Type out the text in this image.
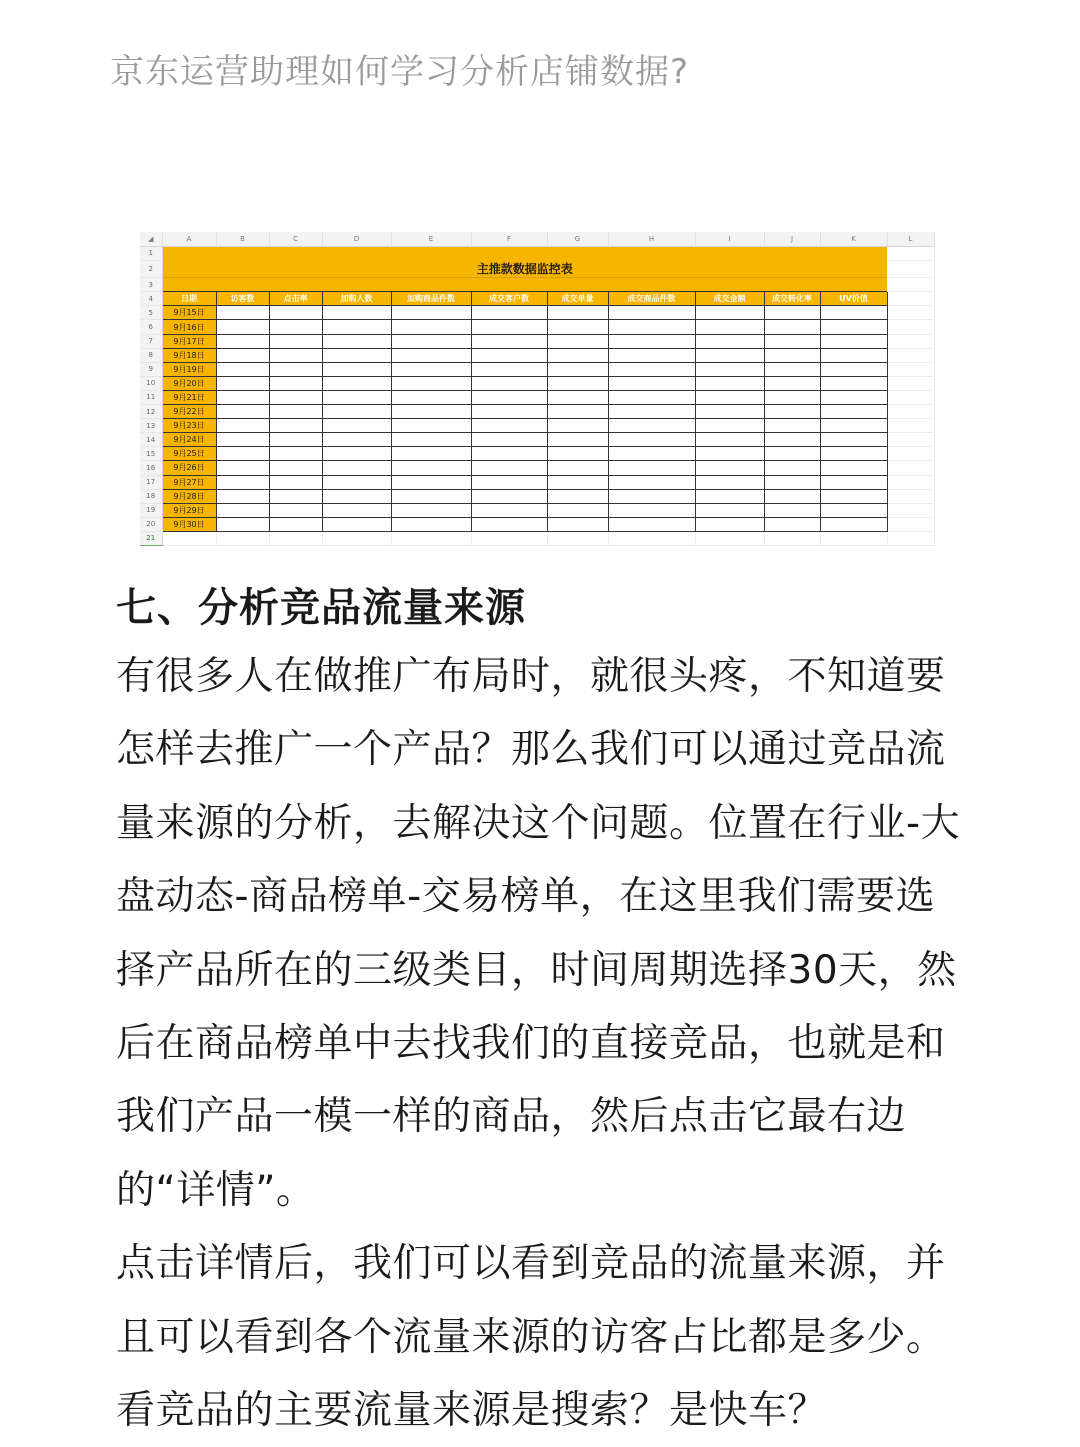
京东运营助理如何学习分析店铺数据?
◢	A	B	C	D	E	F	G	H	I	J	K	L
1												
2	主推款数据监控表											
3												
4	日期	访客数	点击率	加购人数	加购商品件数	成交客户数	成交单量	成交商品件数	成交金额	成交转化率	UV价值	
5	9月15日											
6	9月16日											
7	9月17日											
8	9月18日											
9	9月19日											
10	9月20日											
11	9月21日											
12	9月22日											
13	9月23日											
14	9月24日											
15	9月25日											
16	9月26日											
17	9月27日											
18	9月28日											
19	9月29日											
20	9月30日											
21												
七、分析竞品流量来源

有很多人在做推广布局时，就很头疼，不知道要怎样去推广一个产品？那么我们可以通过竞品流量来源的分析，去解决这个问题。位置在行业-大盘动态-商品榜单-交易榜单，在这里我们需要选择产品所在的三级类目，时间周期选择30天，然后在商品榜单中去找我们的直接竞品，也就是和我们产品一模一样的商品，然后点击它最右边的“详情”。

点击详情后，我们可以看到竞品的流量来源，并且可以看到各个流量来源的访客占比都是多少。看竞品的主要流量来源是搜索？是快车？
